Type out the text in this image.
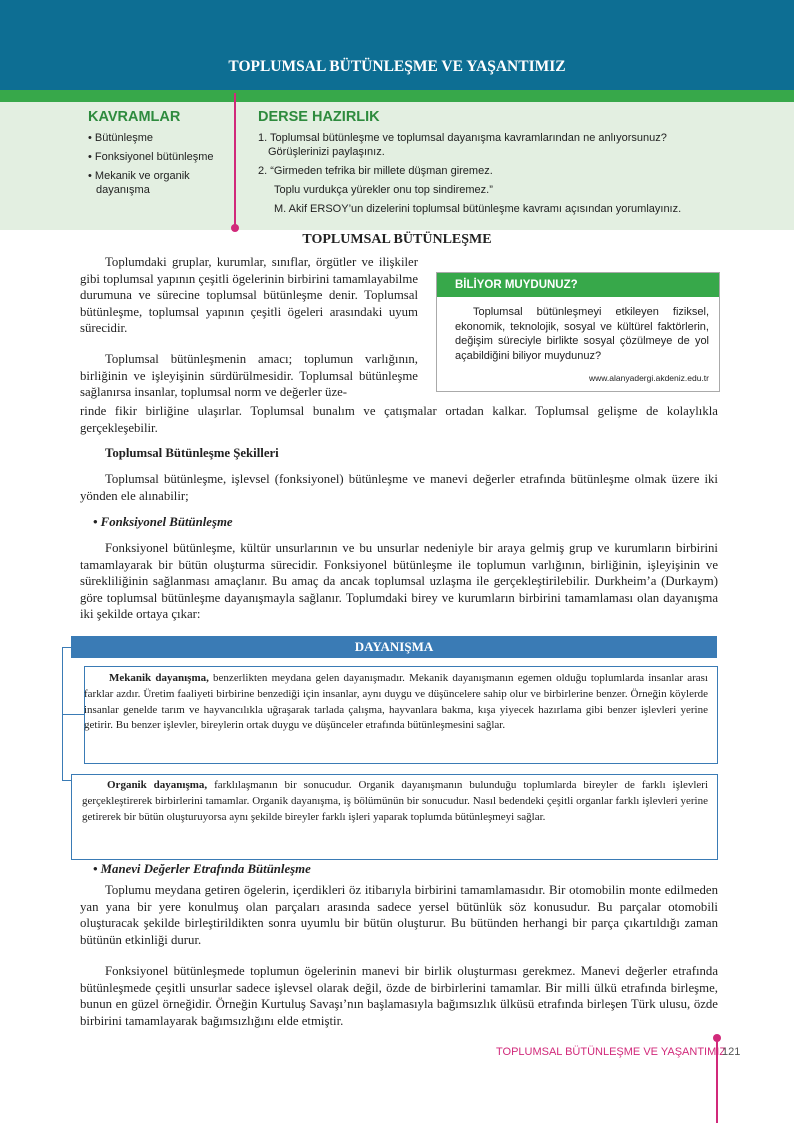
TOPLUMSAL BÜTÜNLEŞME VE YAŞANTIMIZ
KAVRAMLAR
• Bütünleşme
• Fonksiyonel bütünleşme
• Mekanik ve organik
dayanışma
DERSE HAZIRLIK
1. Toplumsal bütünleşme ve toplumsal dayanışma kavramlarından ne anlıyorsunuz?
Görüşlerinizi paylaşınız.
2. “Girmeden tefrika bir millete düşman giremez.
Toplu vurdukça yürekler onu top sindiremez.”
M. Akif ERSOY’un dizelerini toplumsal bütünleşme kavramı açısından yorumlayınız.
TOPLUMSAL BÜTÜNLEŞME

Toplumdaki gruplar, kurumlar, sınıflar, örgütler ve ilişkiler gibi toplumsal yapının çeşitli ögelerinin birbirini tamamlayabilme durumuna ve sürecine toplumsal bütünleşme denir. Toplumsal bütünleşme, toplumsal yapının çeşitli ögeleri arasındaki uyum sürecidir.

Toplumsal bütünleşmenin amacı; toplumun varlığının, birliğinin ve işleyişinin sürdürülmesidir. Toplumsal bütünleşme sağlanırsa insanlar, toplumsal norm ve değerler üze-

rinde fikir birliğine ulaşırlar. Toplumsal bunalım ve çatışmalar ortadan kalkar. Toplumsal gelişme de kolaylıkla gerçekleşebilir.

BİLİYOR MUYDUNUZ?
Toplumsal bütünleşmeyi etkileyen fiziksel, ekonomik, teknolojik, sosyal ve kültürel faktörlerin, değişim süreciyle birlikte sosyal çözülmeye de yol açabildiğini biliyor muydunuz?
www.alanyadergi.akdeniz.edu.tr
Toplumsal Bütünleşme Şekilleri

Toplumsal bütünleşme, işlevsel (fonksiyonel) bütünleşme ve manevi değerler etrafında bütünleşme olmak üzere iki yönden ele alınabilir;

• Fonksiyonel Bütünleşme

Fonksiyonel bütünleşme, kültür unsurlarının ve bu unsurlar nedeniyle bir araya gelmiş grup ve kurumların birbirini tamamlayarak bir bütün oluşturma sürecidir. Fonksiyonel bütünleşme ile toplumun varlığının, birliğinin, işleyişinin ve sürekliliğinin sağlanması amaçlanır. Bu amaç da ancak toplumsal uzlaşma ile gerçekleştirilebilir. Durkheim’a (Durkaym) göre toplumsal bütünleşme dayanışmayla sağlanır. Toplumdaki birey ve kurumların birbirini tamamlaması olan dayanışma iki şekilde ortaya çıkar:

DAYANIŞMA

Mekanik dayanışma, benzerlikten meydana gelen dayanışmadır. Mekanik dayanışmanın egemen olduğu toplumlarda insanlar arası farklar azdır. Üretim faaliyeti birbirine benzediği için insanlar, aynı duygu ve düşüncelere sahip olur ve birbirlerine benzer. Örneğin köylerde insanlar genelde tarım ve hayvancılıkla uğraşarak tarlada çalışma, hayvanlara bakma, kışa yiyecek hazırlama gibi benzer işlevleri yerine getirir. Bu benzer işlevler, bireylerin ortak duygu ve düşünceler etrafında bütünleşmesini sağlar.

Organik dayanışma, farklılaşmanın bir sonucudur. Organik dayanışmanın bulunduğu toplumlarda bireyler de farklı işlevleri gerçekleştirerek birbirlerini tamamlar. Organik dayanışma, iş bölümünün bir sonucudur. Nasıl bedendeki çeşitli organlar farklı işlevleri yerine getirerek bir bütün oluşturuyorsa aynı şekilde bireyler farklı işleri yaparak toplumda bütünleşmeyi sağlar.

• Manevi Değerler Etrafında Bütünleşme

Toplumu meydana getiren ögelerin, içerdikleri öz itibarıyla birbirini tamamlamasıdır. Bir otomobilin monte edilmeden yan yana bir yere konulmuş olan parçaları arasında sadece yersel bütünlük söz konusudur. Bu parçalar otomobili oluşturacak şekilde birleştirildikten sonra uyumlu bir bütün oluşturur. Bu bütünden herhangi bir parça çıkartıldığı zaman bütünün etkinliği durur.

Fonksiyonel bütünleşmede toplumun ögelerinin manevi bir birlik oluşturması gerekmez. Manevi değerler etrafında bütünleşmede çeşitli unsurlar sadece işlevsel olarak değil, özde de birbirlerini tamamlar. Bir milli ülkü etrafında birleşme, bunun en güzel örneğidir. Örneğin Kurtuluş Savaşı’nın başlamasıyla bağımsızlık ülküsü etrafında birleşen Türk ulusu, özde birbirini tamamlayarak bağımsızlığını elde etmiştir.

TOPLUMSAL BÜTÜNLEŞME VE YAŞANTIMIZ
121
